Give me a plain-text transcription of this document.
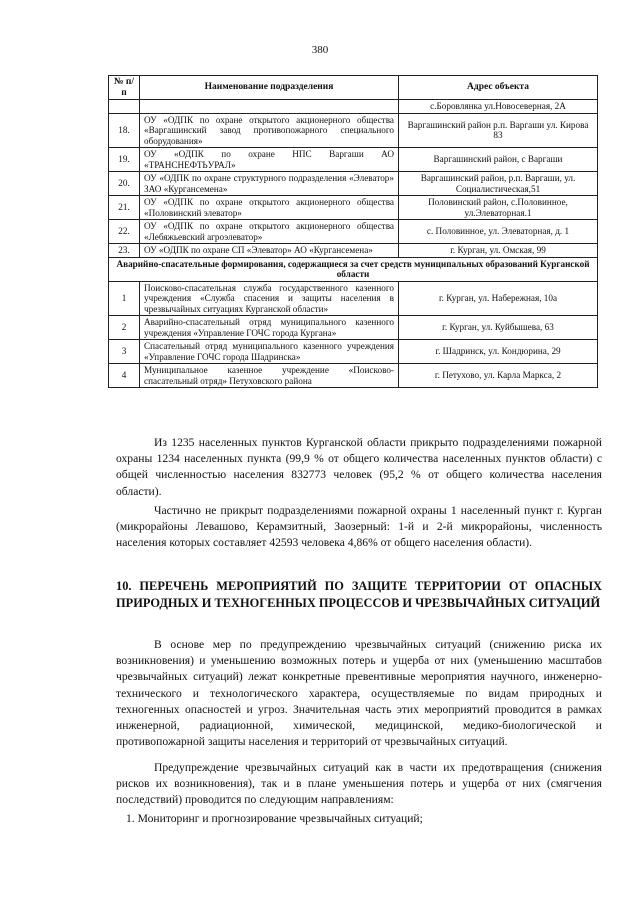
380
№ п/п	Наименование подразделения	Адрес объекта
		с.Боровлянка ул.Новосеверная, 2А
18.	ОУ «ОДПК по охране открытого акционерного общества «Варгашинский завод противопожарного специального оборудования»	Варгашинский район р.п. Варгаши ул. Кирова 83
19.	ОУ «ОДПК по охране НПС Варгаши АО «ТРАНСНЕФТЬУРАЛ»	Варгашинский район, с Варгаши
20.	ОУ «ОДПК по охране структурного подразделения «Элеватор» ЗАО «Кургансемена»	Варгашинский район, р.п. Варгаши, ул. Социалистическая,51
21.	ОУ «ОДПК по охране открытого акционерного общества «Половинский элеватор»	Половинский район, с.Половинное, ул.Элеваторная.1
22.	ОУ «ОДПК по охране открытого акционерного общества «Лебяжьевский агроэлеватор»	с. Половинное, ул. Элеваторная, д. 1
23.	ОУ «ОДПК по охране СП «Элеватор» АО «Кургансемена»	г. Курган, ул. Омская, 99
Аварийно-спасательные формирования, содержащиеся за счет средств муниципальных образований Курганской области		
1	Поисково-спасательная служба государственного казенного учреждения «Служба спасения и защиты населения в чрезвычайных ситуациях Курганской области»	г. Курган, ул. Набережная, 10а
2	Аварийно-спасательный отряд муниципального казенного учреждения «Управление ГОЧС города Кургана»	г. Курган, ул. Куйбышева, 63
3	Спасательный отряд муниципального казенного учреждения «Управление ГОЧС города Шадринска»	г. Шадринск, ул. Кондюрина, 29
4	Муниципальное казенное учреждение «Поисково-спасательный отряд» Петуховского района	г. Петухово, ул. Карла Маркса, 2

Из 1235 населенных пунктов Курганской области прикрыто подразделениями пожарной охраны 1234 населенных пункта (99,9 % от общего количества населенных пунктов области) с общей численностью населения 832773 человек (95,2 % от общего количества населения области).

Частично не прикрыт подразделениями пожарной охраны 1 населенный пункт г. Курган (микрорайоны Левашово, Керамзитный, Заозерный: 1-й и 2-й микрорайоны, численность населения которых составляет 42593 человека 4,86% от общего населения области).

10. ПЕРЕЧЕНЬ МЕРОПРИЯТИЙ ПО ЗАЩИТЕ ТЕРРИТОРИИ ОТ ОПАСНЫХ ПРИРОДНЫХ И ТЕХНОГЕННЫХ ПРОЦЕССОВ И ЧРЕЗВЫЧАЙНЫХ СИТУАЦИЙ

В основе мер по предупреждению чрезвычайных ситуаций (снижению риска их возникновения) и уменьшению возможных потерь и ущерба от них (уменьшению масштабов чрезвычайных ситуаций) лежат конкретные превентивные мероприятия научного, инженерно-технического и технологического характера, осуществляемые по видам природных и техногенных опасностей и угроз. Значительная часть этих мероприятий проводится в рамках инженерной, радиационной, химической, медицинской, медико-биологической и противопожарной защиты населения и территорий от чрезвычайных ситуаций.

Предупреждение чрезвычайных ситуаций как в части их предотвращения (снижения рисков их возникновения), так и в плане уменьшения потерь и ущерба от них (смягчения последствий) проводится по следующим направлениям:

1. Мониторинг и прогнозирование чрезвычайных ситуаций;
